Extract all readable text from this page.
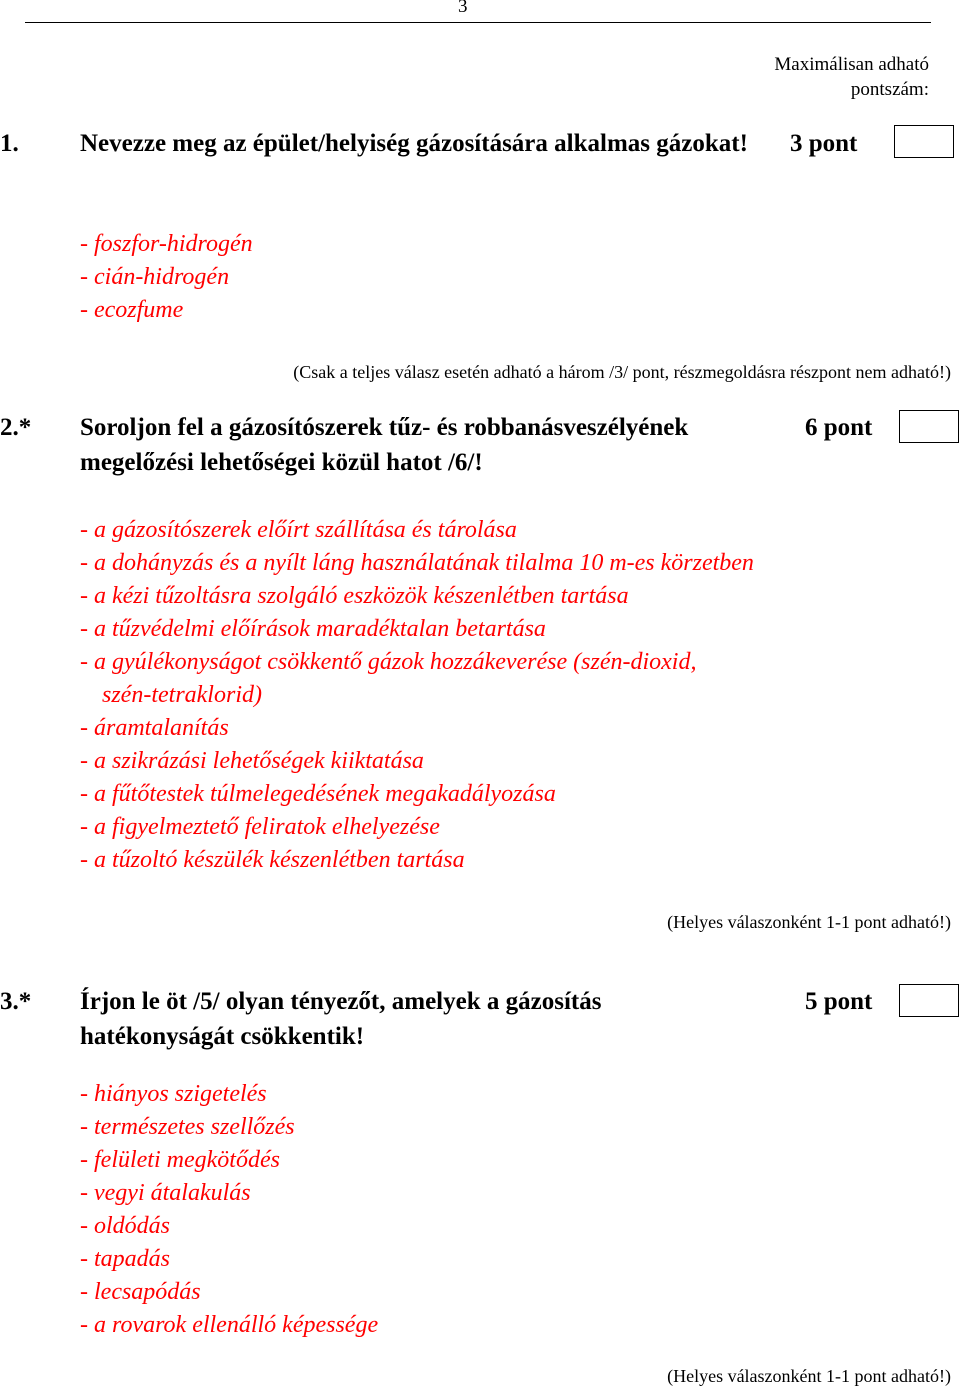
3
Maximálisan adható
pontszám:
1. Nevezze meg az épület/helyiség gázosítására alkalmas gázokat!	3 pont
- foszfor-hidrogén
- cián-hidrogén
- ecozfume
(Csak a teljes válasz esetén adható a három /3/ pont, részmegoldásra részpont nem adható!)
2.* Soroljon fel a gázosítószerek tűz- és robbanásveszélyének megelőzési lehetőségei közül hatot /6/!
6 pont
- a gázosítószerek előírt szállítása és tárolása
- a dohányzás és a nyílt láng használatának tilalma 10 m-es körzetben
- a kézi tűzoltásra szolgáló eszközök készenlétben tartása
- a tűzvédelmi előírások maradéktalan betartása
- a gyúlékonyságot csökkentő gázok hozzákeverése (szén-dioxid,
szén-tetraklorid)
- áramtalanítás
- a szikrázási lehetőségek kiiktatása
- a fűtőtestek túlmelegedésének megakadályozása
- a figyelmeztető feliratok elhelyezése
- a tűzoltó készülék készenlétben tartása
(Helyes válaszonként 1-1 pont adható!)
3.* Írjon le öt /5/ olyan tényezőt, amelyek a gázosítás hatékonyságát csökkentik!
5 pont
- hiányos szigetelés
- természetes szellőzés
- felületi megkötődés
- vegyi átalakulás
- oldódás
- tapadás
- lecsapódás
- a rovarok ellenálló képessége
(Helyes válaszonként 1-1 pont adható!)
